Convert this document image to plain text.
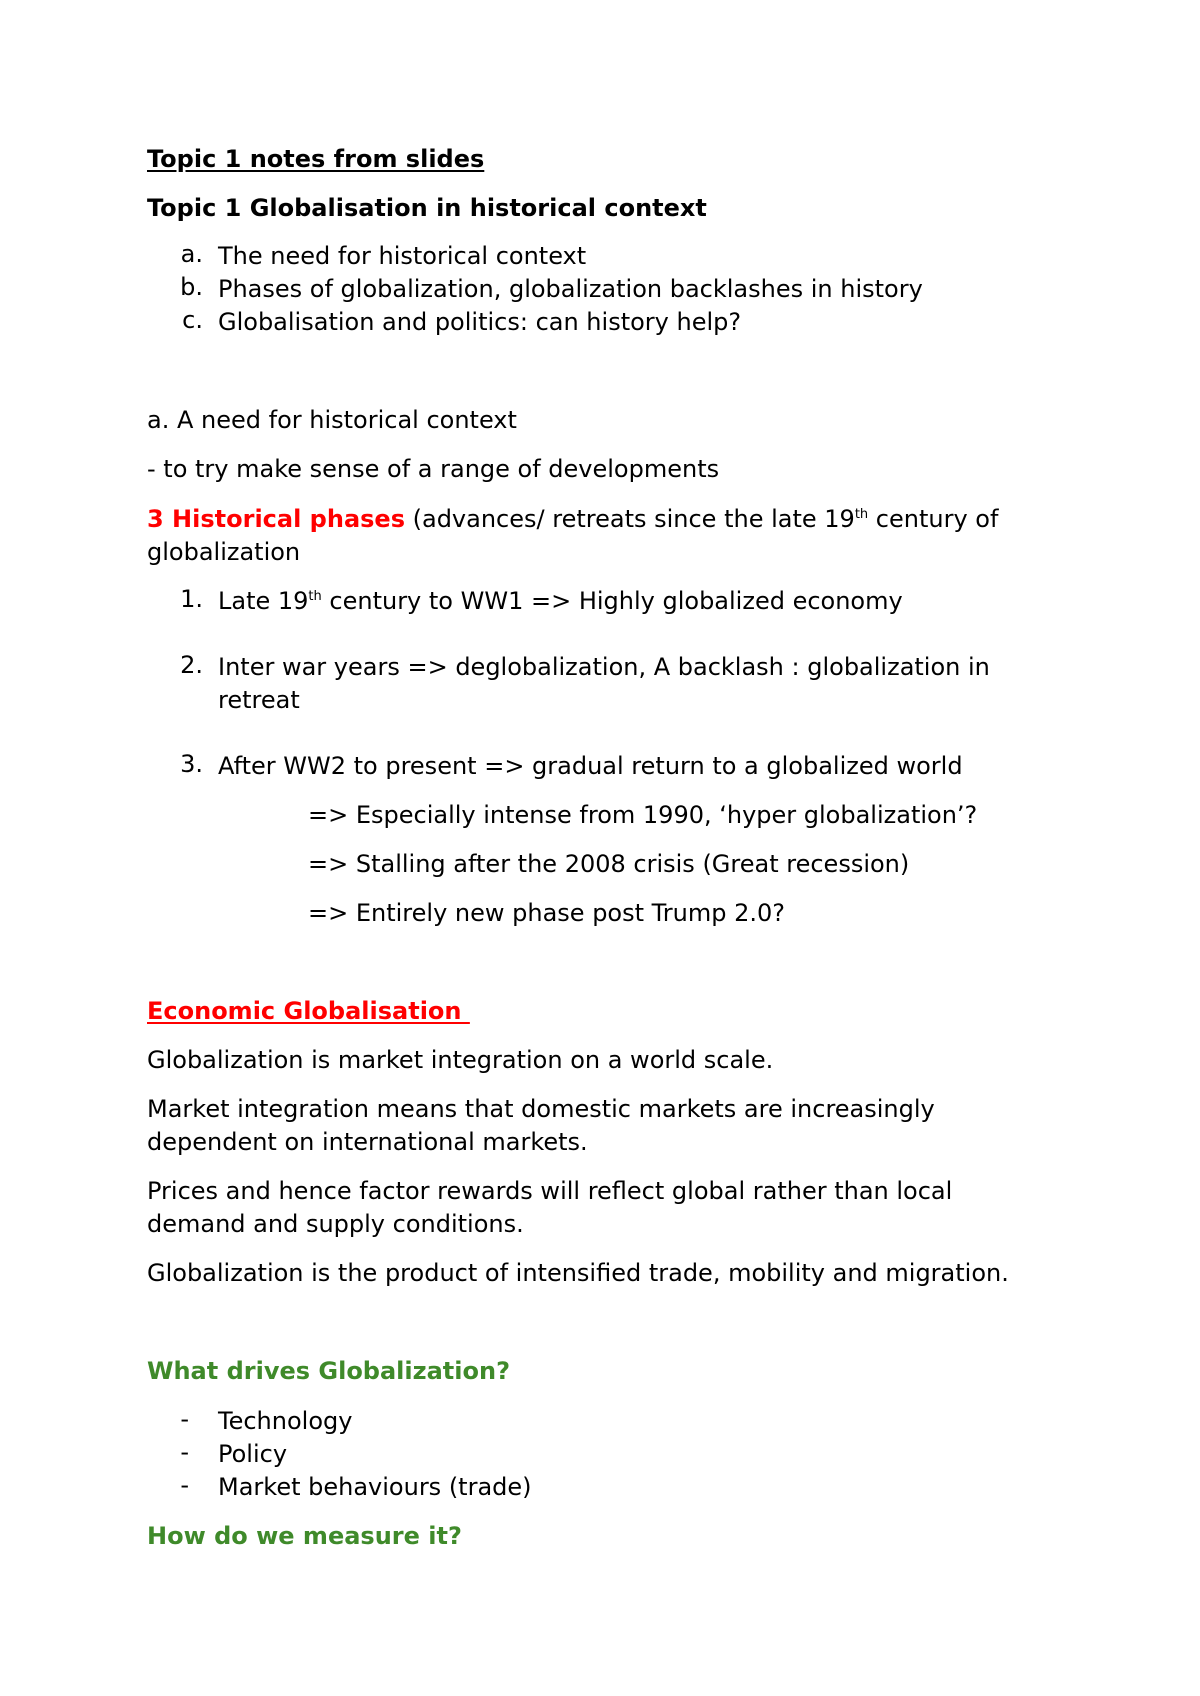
Topic 1 notes from slides

Topic 1 Globalisation in historical context

a. The need for historical context
b. Phases of globalization, globalization backlashes in history
c. Globalisation and politics: can history help?

a. A need for historical context

- to try make sense of a range of developments

3 Historical phases (advances/ retreats since the late 19th century of

globalization

1. Late 19th century to WW1 => Highly globalized economy
2. Inter war years => deglobalization, A backlash : globalization in
retreat
3. After WW2 to present => gradual return to a globalized world
=> Especially intense from 1990, ‘hyper globalization’?
=> Stalling after the 2008 crisis (Great recession)
=> Entirely new phase post Trump 2.0?

Economic Globalisation

Globalization is market integration on a world scale.

Market integration means that domestic markets are increasingly

dependent on international markets.

Prices and hence factor rewards will reflect global rather than local

demand and supply conditions.

Globalization is the product of intensified trade, mobility and migration.

What drives Globalization?

- Technology
- Policy
- Market behaviours (trade)

How do we measure it?
